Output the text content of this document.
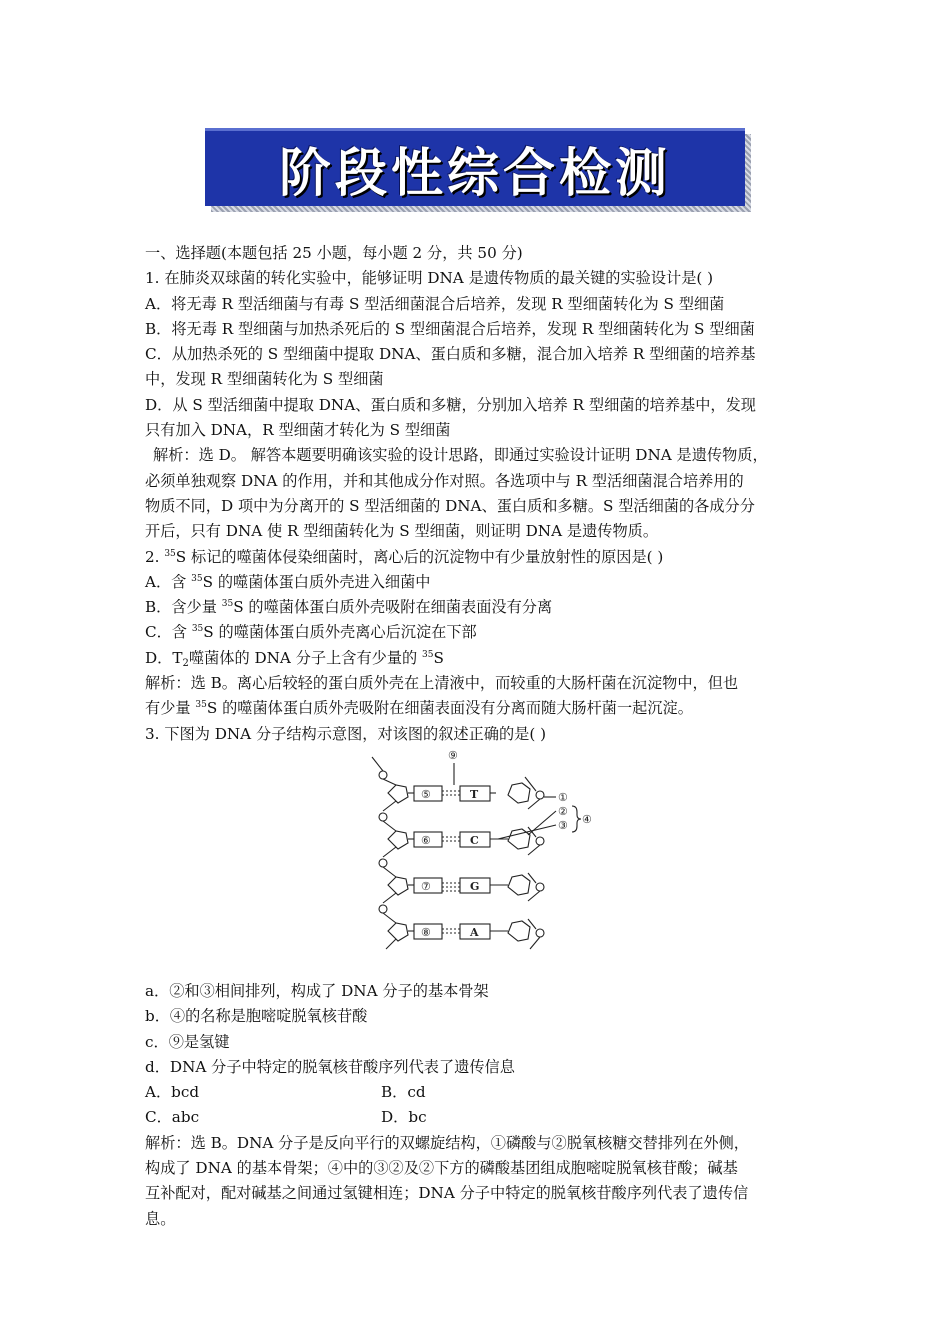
阶段性综合检测
一、选择题(本题包括 25 小题，每小题 2 分，共 50 分)
1. 在肺炎双球菌的转化实验中，能够证明 DNA 是遗传物质的最关键的实验设计是( )
A．将无毒 R 型活细菌与有毒 S 型活细菌混合后培养，发现 R 型细菌转化为 S 型细菌
B．将无毒 R 型细菌与加热杀死后的 S 型细菌混合后培养，发现 R 型细菌转化为 S 型细菌
C．从加热杀死的 S 型细菌中提取 DNA、蛋白质和多糖，混合加入培养 R 型细菌的培养基
中，发现 R 型细菌转化为 S 型细菌
D．从 S 型活细菌中提取 DNA、蛋白质和多糖，分别加入培养 R 型细菌的培养基中，发现
只有加入 DNA，R 型细菌才转化为 S 型细菌
解析：选 D。 解答本题要明确该实验的设计思路，即通过实验设计证明 DNA 是遗传物质，
必须单独观察 DNA 的作用，并和其他成分作对照。各选项中与 R 型活细菌混合培养用的
物质不同，D 项中为分离开的 S 型活细菌的 DNA、蛋白质和多糖。S 型活细菌的各成分分
开后，只有 DNA 使 R 型细菌转化为 S 型细菌，则证明 DNA 是遗传物质。
2. $^{35}$S 标记的噬菌体侵染细菌时，离心后的沉淀物中有少量放射性的原因是( )
A．含 $^{35}$S 的噬菌体蛋白质外壳进入细菌中
B．含少量 $^{35}$S 的噬菌体蛋白质外壳吸附在细菌表面没有分离
C．含 $^{35}$S 的噬菌体蛋白质外壳离心后沉淀在下部
D．$T_2$噬菌体的 DNA 分子上含有少量的 $^{35}$S
解析：选 B。离心后较轻的蛋白质外壳在上清液中，而较重的大肠杆菌在沉淀物中，但也
有少量 $^{35}$S 的噬菌体蛋白质外壳吸附在细菌表面没有分离而随大肠杆菌一起沉淀。
3. 下图为 DNA 分子结构示意图，对该图的叙述正确的是( )
⑨
⑤
⑥
⑦
⑧
T
C
G
A
①
②
③ ④
a．②和③相间排列，构成了 DNA 分子的基本骨架
b．④的名称是胞嘧啶脱氧核苷酸
c．⑨是氢键
d．DNA 分子中特定的脱氧核苷酸序列代表了遗传信息
A．bcd	B．cd
C．abc	D．bc
解析：选 B。DNA 分子是反向平行的双螺旋结构，①磷酸与②脱氧核糖交替排列在外侧，
构成了 DNA 的基本骨架；④中的③②及②下方的磷酸基团组成胞嘧啶脱氧核苷酸；碱基
互补配对，配对碱基之间通过氢键相连；DNA 分子中特定的脱氧核苷酸序列代表了遗传信
息。
